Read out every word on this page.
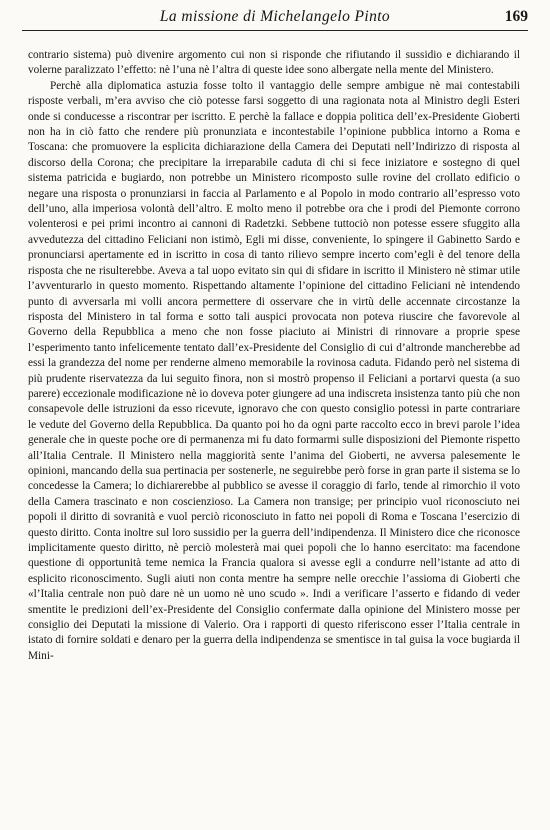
La missione di Michelangelo Pinto	169

contrario sistema) può divenire argomento cui non si risponde che rifiutando il sussidio e dichiarando il volerne paralizzato l’effetto: nè l’una nè l’altra di queste idee sono albergate nella mente del Ministero.

Perchè alla diplomatica astuzia fosse tolto il vantaggio delle sempre ambigue nè mai contestabili risposte verbali, m’era avviso che ciò potesse farsi soggetto di una ragionata nota al Ministro degli Esteri onde si conducesse a riscontrar per iscritto. E perchè la fallace e doppia politica dell’ex-Presidente Gioberti non ha in ciò fatto che rendere più pronunziata e incontestabile l’opinione pubblica intorno a Roma e Toscana: che promuovere la esplicita dichiarazione della Camera dei Deputati nell’Indirizzo di risposta al discorso della Corona; che precipitare la irreparabile caduta di chi si fece iniziatore e sostegno di quel sistema patricida e bugiardo, non potrebbe un Ministero ricomposto sulle rovine del crollato edificio o negare una risposta o pronunziarsi in faccia al Parlamento e al Popolo in modo contrario all’espresso voto dell’uno, alla imperiosa volontà dell’altro. E molto meno il potrebbe ora che i prodi del Piemonte corrono volenterosi e pei primi incontro ai cannoni di Radetzki. Sebbene tuttociò non potesse essere sfuggito alla avvedutezza del cittadino Feliciani non istimò, Egli mi disse, conveniente, lo spingere il Gabinetto Sardo e pronunciarsi apertamente ed in iscritto in cosa di tanto rilievo sempre incerto com’egli è del tenore della risposta che ne risulterebbe. Aveva a tal uopo evitato sin qui di sfidare in iscritto il Ministero nè stimar utile l’avventurarlo in questo momento. Rispettando altamente l’opinione del cittadino Feliciani nè intendendo punto di avversarla mi volli ancora permettere di osservare che in virtù delle accennate circostanze la risposta del Ministero in tal forma e sotto tali auspici provocata non poteva riuscire che favorevole al Governo della Repubblica a meno che non fosse piaciuto ai Ministri di rinnovare a proprie spese l’esperimento tanto infelicemente tentato dall’ex-Presidente del Consiglio di cui d’altronde mancherebbe ad essi la grandezza del nome per renderne almeno memorabile la rovinosa caduta. Fidando però nel sistema di più prudente riservatezza da lui seguito finora, non si mostrò propenso il Feliciani a portarvi questa (a suo parere) eccezionale modificazione nè io doveva poter giungere ad una indiscreta insistenza tanto più che non consapevole delle istruzioni da esso ricevute, ignoravo che con questo consiglio potessi in parte contrariare le vedute del Governo della Repubblica. Da quanto poi ho da ogni parte raccolto ecco in brevi parole l’idea generale che in queste poche ore di permanenza mi fu dato formarmi sulle disposizioni del Piemonte rispetto all’Italia Centrale. Il Ministero nella maggiorità sente l’anima del Gioberti, ne avversa palesemente le opinioni, mancando della sua pertinacia per sostenerle, ne seguirebbe però forse in gran parte il sistema se lo concedesse la Camera; lo dichiarerebbe al pubblico se avesse il coraggio di farlo, tende al rimorchio il voto della Camera trascinato e non coscienzioso. La Camera non transige; per principio vuol riconosciuto nei popoli il diritto di sovranità e vuol perciò riconosciuto in fatto nei popoli di Roma e Toscana l’esercizio di questo diritto. Conta inoltre sul loro sussidio per la guerra dell’indipendenza. Il Ministero dice che riconosce implicitamente questo diritto, nè perciò molesterà mai quei popoli che lo hanno esercitato: ma facendone questione di opportunità teme nemica la Francia qualora si avesse egli a condurre nell’istante ad atto di esplicito riconoscimento. Sugli aiuti non conta mentre ha sempre nelle orecchie l’assioma di Gioberti che «l’Italia centrale non può dare nè un uomo nè uno scudo ». Indi a verificare l’asserto e fidando di veder smentite le predizioni dell’ex-Presidente del Consiglio confermate dalla opinione del Ministero mosse per consiglio dei Deputati la missione di Valerio. Ora i rapporti di questo riferiscono esser l’Italia centrale in istato di fornire soldati e denaro per la guerra della indipendenza se smentisce in tal guisa la voce bugiarda il Mini-
